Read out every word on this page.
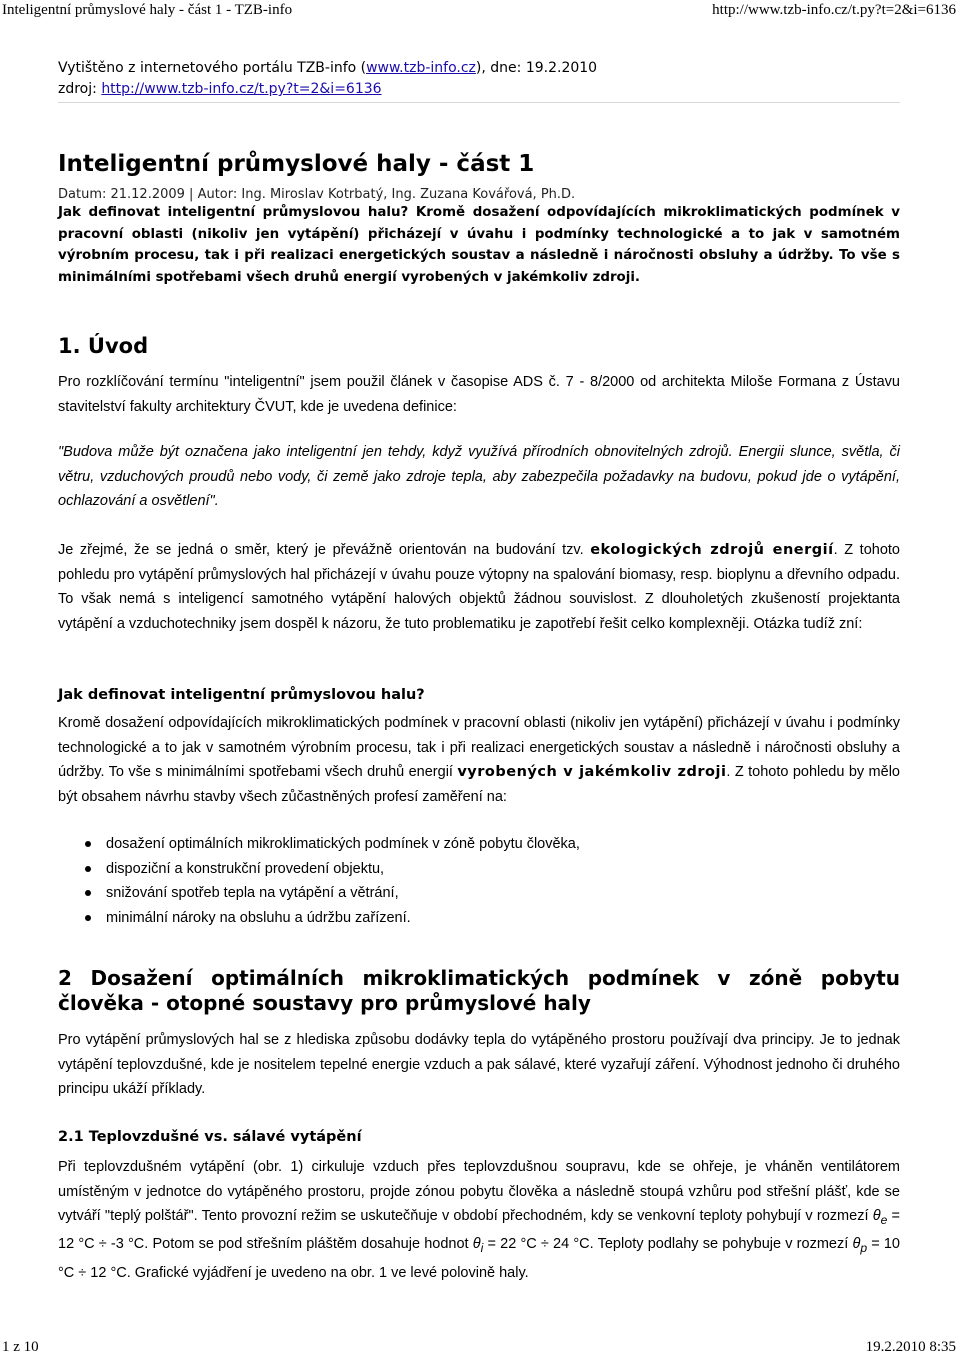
Inteligentní průmyslové haly - část 1 - TZB-info	http://www.tzb-info.cz/t.py?t=2&i=6136
Vytištěno z internetového portálu TZB-info (www.tzb-info.cz), dne: 19.2.2010
zdroj: http://www.tzb-info.cz/t.py?t=2&i=6136
Inteligentní průmyslové haly - část 1
Datum: 21.12.2009 | Autor: Ing. Miroslav Kotrbatý, Ing. Zuzana Kovářová, Ph.D.

Jak definovat inteligentní průmyslovou halu? Kromě dosažení odpovídajících mikroklimatických podmínek v pracovní oblasti (nikoliv jen vytápění) přicházejí v úvahu i podmínky technologické a to jak v samotném výrobním procesu, tak i při realizaci energetických soustav a následně i náročnosti obsluhy a údržby. To vše s minimálními spotřebami všech druhů energií vyrobených v jakémkoliv zdroji.

1. Úvod

Pro rozklíčování termínu "inteligentní" jsem použil článek v časopise ADS č. 7 - 8/2000 od architekta Miloše Formana z Ústavu stavitelství fakulty architektury ČVUT, kde je uvedena definice:

"Budova může být označena jako inteligentní jen tehdy, když využívá přírodních obnovitelných zdrojů. Energii slunce, světla, či větru, vzduchových proudů nebo vody, či země jako zdroje tepla, aby zabezpečila požadavky na budovu, pokud jde o vytápění, ochlazování a osvětlení".

Je zřejmé, že se jedná o směr, který je převážně orientován na budování tzv. ekologických zdrojů energií. Z tohoto pohledu pro vytápění průmyslových hal přicházejí v úvahu pouze výtopny na spalování biomasy, resp. bioplynu a dřevního odpadu. To však nemá s inteligencí samotného vytápění halových objektů žádnou souvislost. Z dlouholetých zkušeností projektanta vytápění a vzduchotechniky jsem dospěl k názoru, že tuto problematiku je zapotřebí řešit celko komplexněji. Otázka tudíž zní:

Jak definovat inteligentní průmyslovou halu?

Kromě dosažení odpovídajících mikroklimatických podmínek v pracovní oblasti (nikoliv jen vytápění) přicházejí v úvahu i podmínky technologické a to jak v samotném výrobním procesu, tak i při realizaci energetických soustav a následně i náročnosti obsluhy a údržby. To vše s minimálními spotřebami všech druhů energií vyrobených v jakémkoliv zdroji. Z tohoto pohledu by mělo být obsahem návrhu stavby všech zůčastněných profesí zaměření na:

dosažení optimálních mikroklimatických podmínek v zóně pobytu člověka,
dispoziční a konstrukční provedení objektu,
snižování spotřeb tepla na vytápění a větrání,
minimální nároky na obsluhu a údržbu zařízení.
2 Dosažení optimálních mikroklimatických podmínek v zóně pobytu člověka - otopné soustavy pro průmyslové haly

Pro vytápění průmyslových hal se z hlediska způsobu dodávky tepla do vytápěného prostoru používají dva principy. Je to jednak vytápění teplovzdušné, kde je nositelem tepelné energie vzduch a pak sálavé, které vyzařují záření. Výhodnost jednoho či druhého principu ukáží příklady.

2.1 Teplovzdušné vs. sálavé vytápění

Při teplovzdušném vytápění (obr. 1) cirkuluje vzduch přes teplovzdušnou soupravu, kde se ohřeje, je vháněn ventilátorem umístěným v jednotce do vytápěného prostoru, projde zónou pobytu člověka a následně stoupá vzhůru pod střešní plášť, kde se vytváří "teplý polštář". Tento provozní režim se uskutečňuje v období přechodném, kdy se venkovní teploty pohybují v rozmezí $\theta_e = 12$ °C ÷ -3 °C. Potom se pod střešním pláštěm dosahuje hodnot $\theta_i = 22$ °C ÷ 24 °C. Teploty podlahy se pohybuje v rozmezí $\theta_p = 10$ °C ÷ 12 °C. Grafické vyjádření je uvedeno na obr. 1 ve levé polovině haly.

1 z 10	19.2.2010 8:35
